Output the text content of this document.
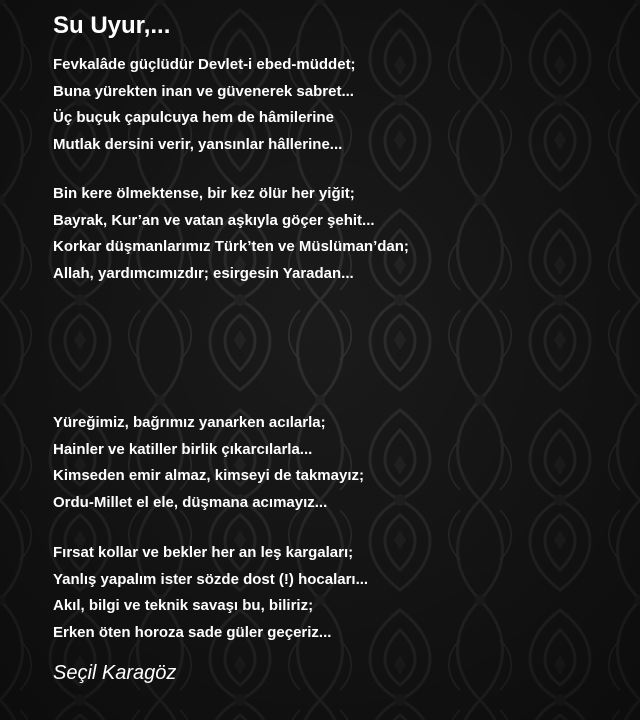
Su Uyur,...
Fevkalâde güçlüdür Devlet-i ebed-müddet;
Buna yürekten inan ve güvenerek sabret...
Üç buçuk çapulcuya hem de hâmilerine
Mutlak dersini verir, yansınlar hâllerine...
Bin kere ölmektense, bir kez ölür her yiğit;
Bayrak, Kur’an ve vatan aşkıyla göçer şehit...
Korkar düşmanlarımız Türk’ten ve Müslüman’dan;
Allah, yardımcımızdır; esirgesin Yaradan...
Yüreğimiz, bağrımız yanarken acılarla;
Hainler ve katiller birlik çıkarcılarla...
Kimseden emir almaz, kimseyi de takmayız;
Ordu-Millet el ele, düşmana acımayız...
Fırsat kollar ve bekler her an leş kargaları;
Yanlış yapalım ister sözde dost (!) hocaları...
Akıl, bilgi ve teknik savaşı bu, biliriz;
Erken öten horoza sade güler geçeriz...
Seçil Karagöz
